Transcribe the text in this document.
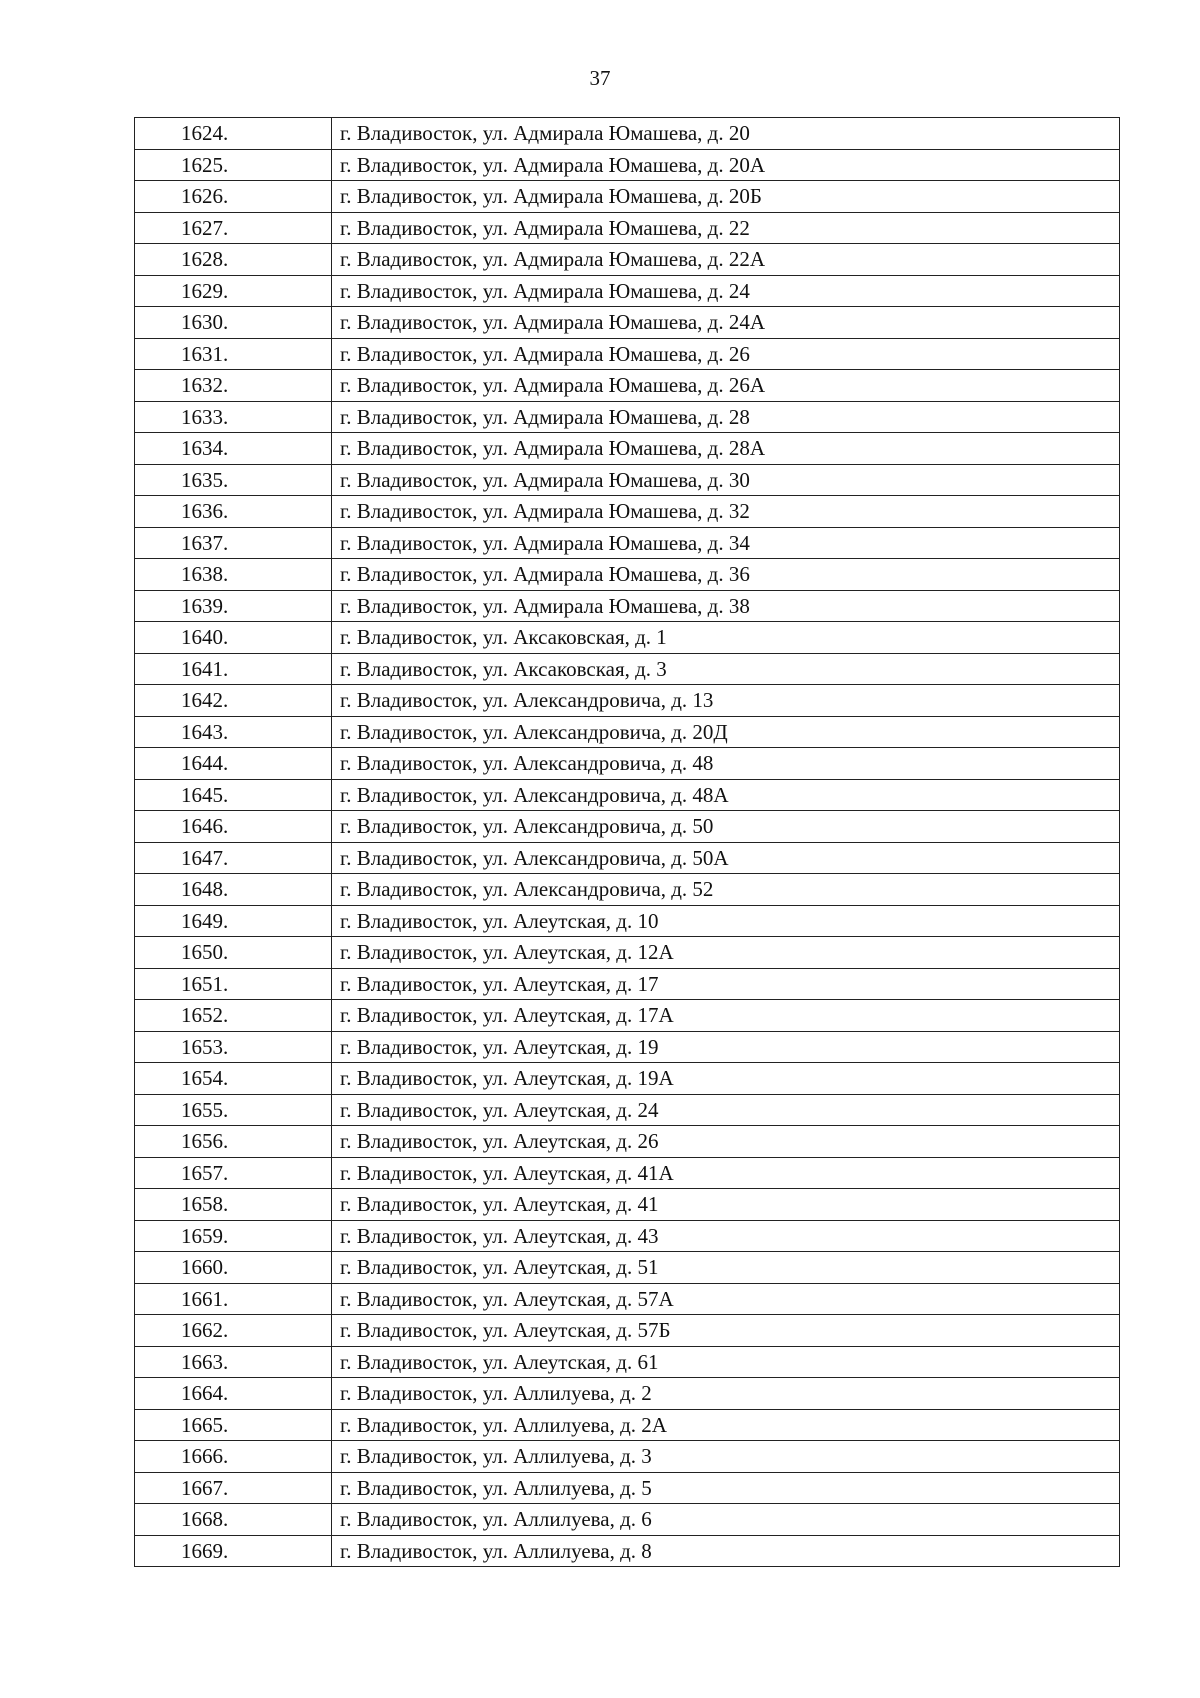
37
1624.	г. Владивосток, ул. Адмирала Юмашева, д. 20
1625.	г. Владивосток, ул. Адмирала Юмашева, д. 20А
1626.	г. Владивосток, ул. Адмирала Юмашева, д. 20Б
1627.	г. Владивосток, ул. Адмирала Юмашева, д. 22
1628.	г. Владивосток, ул. Адмирала Юмашева, д. 22А
1629.	г. Владивосток, ул. Адмирала Юмашева, д. 24
1630.	г. Владивосток, ул. Адмирала Юмашева, д. 24А
1631.	г. Владивосток, ул. Адмирала Юмашева, д. 26
1632.	г. Владивосток, ул. Адмирала Юмашева, д. 26А
1633.	г. Владивосток, ул. Адмирала Юмашева, д. 28
1634.	г. Владивосток, ул. Адмирала Юмашева, д. 28А
1635.	г. Владивосток, ул. Адмирала Юмашева, д. 30
1636.	г. Владивосток, ул. Адмирала Юмашева, д. 32
1637.	г. Владивосток, ул. Адмирала Юмашева, д. 34
1638.	г. Владивосток, ул. Адмирала Юмашева, д. 36
1639.	г. Владивосток, ул. Адмирала Юмашева, д. 38
1640.	г. Владивосток, ул. Аксаковская, д. 1
1641.	г. Владивосток, ул. Аксаковская, д. 3
1642.	г. Владивосток, ул. Александровича, д. 13
1643.	г. Владивосток, ул. Александровича, д. 20Д
1644.	г. Владивосток, ул. Александровича, д. 48
1645.	г. Владивосток, ул. Александровича, д. 48А
1646.	г. Владивосток, ул. Александровича, д. 50
1647.	г. Владивосток, ул. Александровича, д. 50А
1648.	г. Владивосток, ул. Александровича, д. 52
1649.	г. Владивосток, ул. Алеутская, д. 10
1650.	г. Владивосток, ул. Алеутская, д. 12А
1651.	г. Владивосток, ул. Алеутская, д. 17
1652.	г. Владивосток, ул. Алеутская, д. 17А
1653.	г. Владивосток, ул. Алеутская, д. 19
1654.	г. Владивосток, ул. Алеутская, д. 19А
1655.	г. Владивосток, ул. Алеутская, д. 24
1656.	г. Владивосток, ул. Алеутская, д. 26
1657.	г. Владивосток, ул. Алеутская, д. 41А
1658.	г. Владивосток, ул. Алеутская, д. 41
1659.	г. Владивосток, ул. Алеутская, д. 43
1660.	г. Владивосток, ул. Алеутская, д. 51
1661.	г. Владивосток, ул. Алеутская, д. 57А
1662.	г. Владивосток, ул. Алеутская, д. 57Б
1663.	г. Владивосток, ул. Алеутская, д. 61
1664.	г. Владивосток, ул. Аллилуева, д. 2
1665.	г. Владивосток, ул. Аллилуева, д. 2А
1666.	г. Владивосток, ул. Аллилуева, д. 3
1667.	г. Владивосток, ул. Аллилуева, д. 5
1668.	г. Владивосток, ул. Аллилуева, д. 6
1669.	г. Владивосток, ул. Аллилуева, д. 8
